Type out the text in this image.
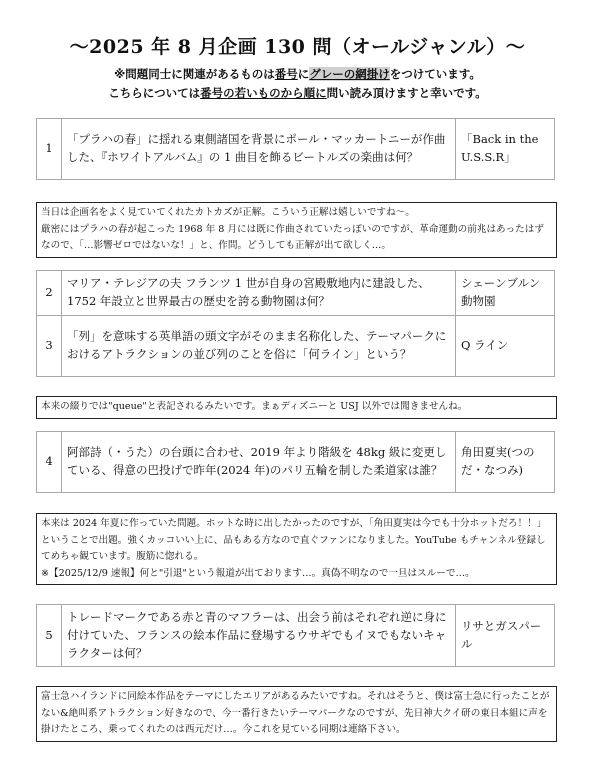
〜2025 年 8 月企画 130 問（オールジャンル）〜
※問題同士に関連があるものは番号にグレーの網掛けをつけています。
こちらについては番号の若いものから順に問い読み頂けますと幸いです。
1	「プラハの春」に揺れる東側諸国を背景にポール・マッカートニーが作曲した、『ホワイトアルバム』の 1 曲目を飾るビートルズの楽曲は何？	「Back in the U.S.S.R」
当日は企画名をよく見ていてくれたカトカズが正解。こういう正解は嬉しいですね〜。
厳密にはプラハの春が起こった 1968 年 8 月には既に作曲されていたっぽいのですが、革命運動の前兆はあったはずなので、「…影響ゼロではないな！」と、作問。どうしても正解が出て欲しく…。
2	マリア・テレジアの夫 フランツ 1 世が自身の宮殿敷地内に建設した、1752 年設立と世界最古の歴史を誇る動物園は何？	シェーンブルン動物園
3	「列」を意味する英単語の頭文字がそのまま名称化した、テーマパークにおけるアトラクションの並び列のことを俗に「何ライン」という？	Q ライン
本来の綴りでは"queue"と表記されるみたいです。まぁディズニーと USJ 以外では聞きませんね。
4	阿部詩（・うた）の台頭に合わせ、2019 年より階級を 48kg 級に変更している、得意の巴投げで昨年(2024 年)のパリ五輪を制した柔道家は誰？	角田夏実(つのだ・なつみ)
本来は 2024 年夏に作っていた問題。ホットな時に出したかったのですが、「角田夏実は今でも十分ホットだろ！！」ということで出題。強くカッコいい上に、品もある方なので直ぐファンになりました。YouTube もチャンネル登録してめちゃ観ています。腹筋に惚れる。
※【2025/12/9 速報】何と"引退"という報道が出ております…。真偽不明なので一旦はスルーで…。
5	トレードマークである赤と青のマフラーは、出会う前はそれぞれ逆に身に付けていた、フランスの絵本作品に登場するウサギでもイヌでもないキャラクターは何？	リサとガスパール
富士急ハイランドに同絵本作品をテーマにしたエリアがあるみたいですね。それはそうと、僕は富士急に行ったことがない&絶叫系アトラクション好きなので、今一番行きたいテーマパークなのですが、先日神大クイ研の東日本組に声を掛けたところ、乗ってくれたのは西元だけ…。今これを見ている同期は連絡下さい。
